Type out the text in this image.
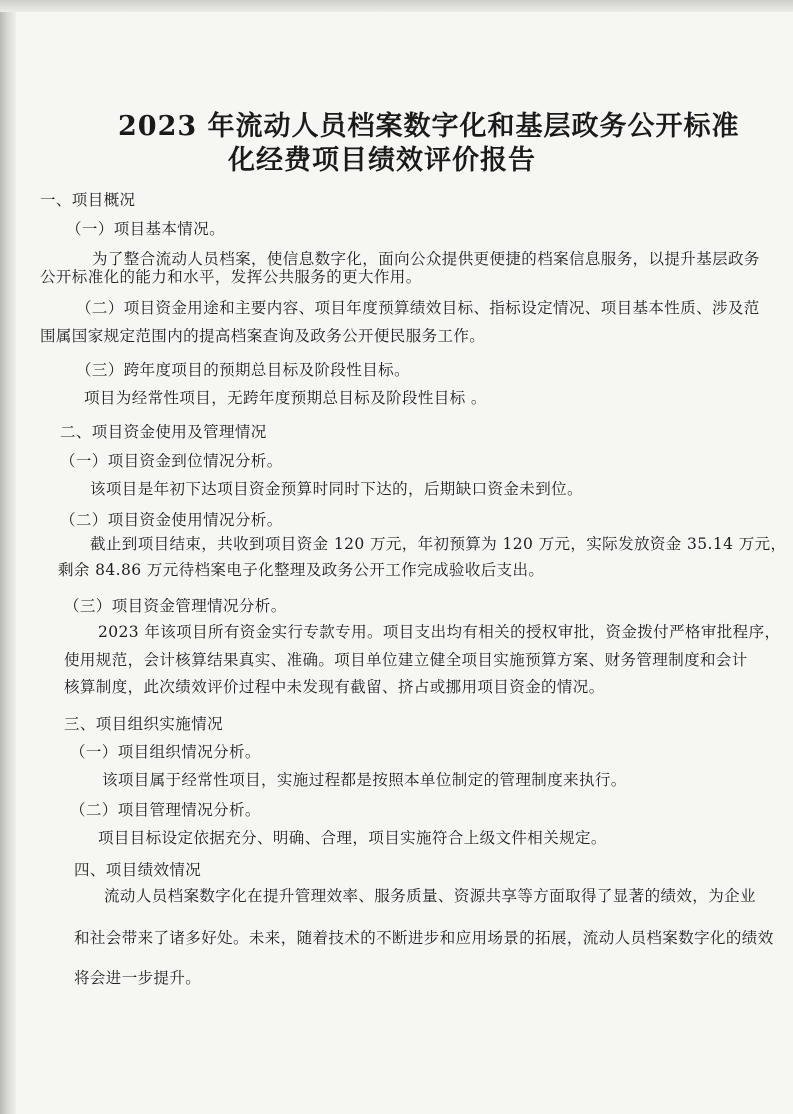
2023 年流动人员档案数字化和基层政务公开标准
化经费项目绩效评价报告
一、项目概况
（一）项目基本情况。
为了整合流动人员档案，使信息数字化，面向公众提供更便捷的档案信息服务，以提升基层政务
公开标准化的能力和水平，发挥公共服务的更大作用。
（二）项目资金用途和主要内容、项目年度预算绩效目标、指标设定情况、项目基本性质、涉及范
围属国家规定范围内的提高档案查询及政务公开便民服务工作。
（三）跨年度项目的预期总目标及阶段性目标。
项目为经常性项目，无跨年度预期总目标及阶段性目标 。
二、项目资金使用及管理情况
（一）项目资金到位情况分析。
该项目是年初下达项目资金预算时同时下达的，后期缺口资金未到位。
（二）项目资金使用情况分析。
截止到项目结束，共收到项目资金 120 万元，年初预算为 120 万元，实际发放资金 35.14 万元，
剩余 84.86 万元待档案电子化整理及政务公开工作完成验收后支出。
（三）项目资金管理情况分析。
2023 年该项目所有资金实行专款专用。项目支出均有相关的授权审批，资金拨付严格审批程序，
使用规范，会计核算结果真实、准确。项目单位建立健全项目实施预算方案、财务管理制度和会计
核算制度，此次绩效评价过程中未发现有截留、挤占或挪用项目资金的情况。
三、项目组织实施情况
（一）项目组织情况分析。
该项目属于经常性项目，实施过程都是按照本单位制定的管理制度来执行。
（二）项目管理情况分析。
项目目标设定依据充分、明确、合理，项目实施符合上级文件相关规定。
四、项目绩效情况
流动人员档案数字化在提升管理效率、服务质量、资源共享等方面取得了显著的绩效，为企业
和社会带来了诸多好处。未来，随着技术的不断进步和应用场景的拓展，流动人员档案数字化的绩效
将会进一步提升。
